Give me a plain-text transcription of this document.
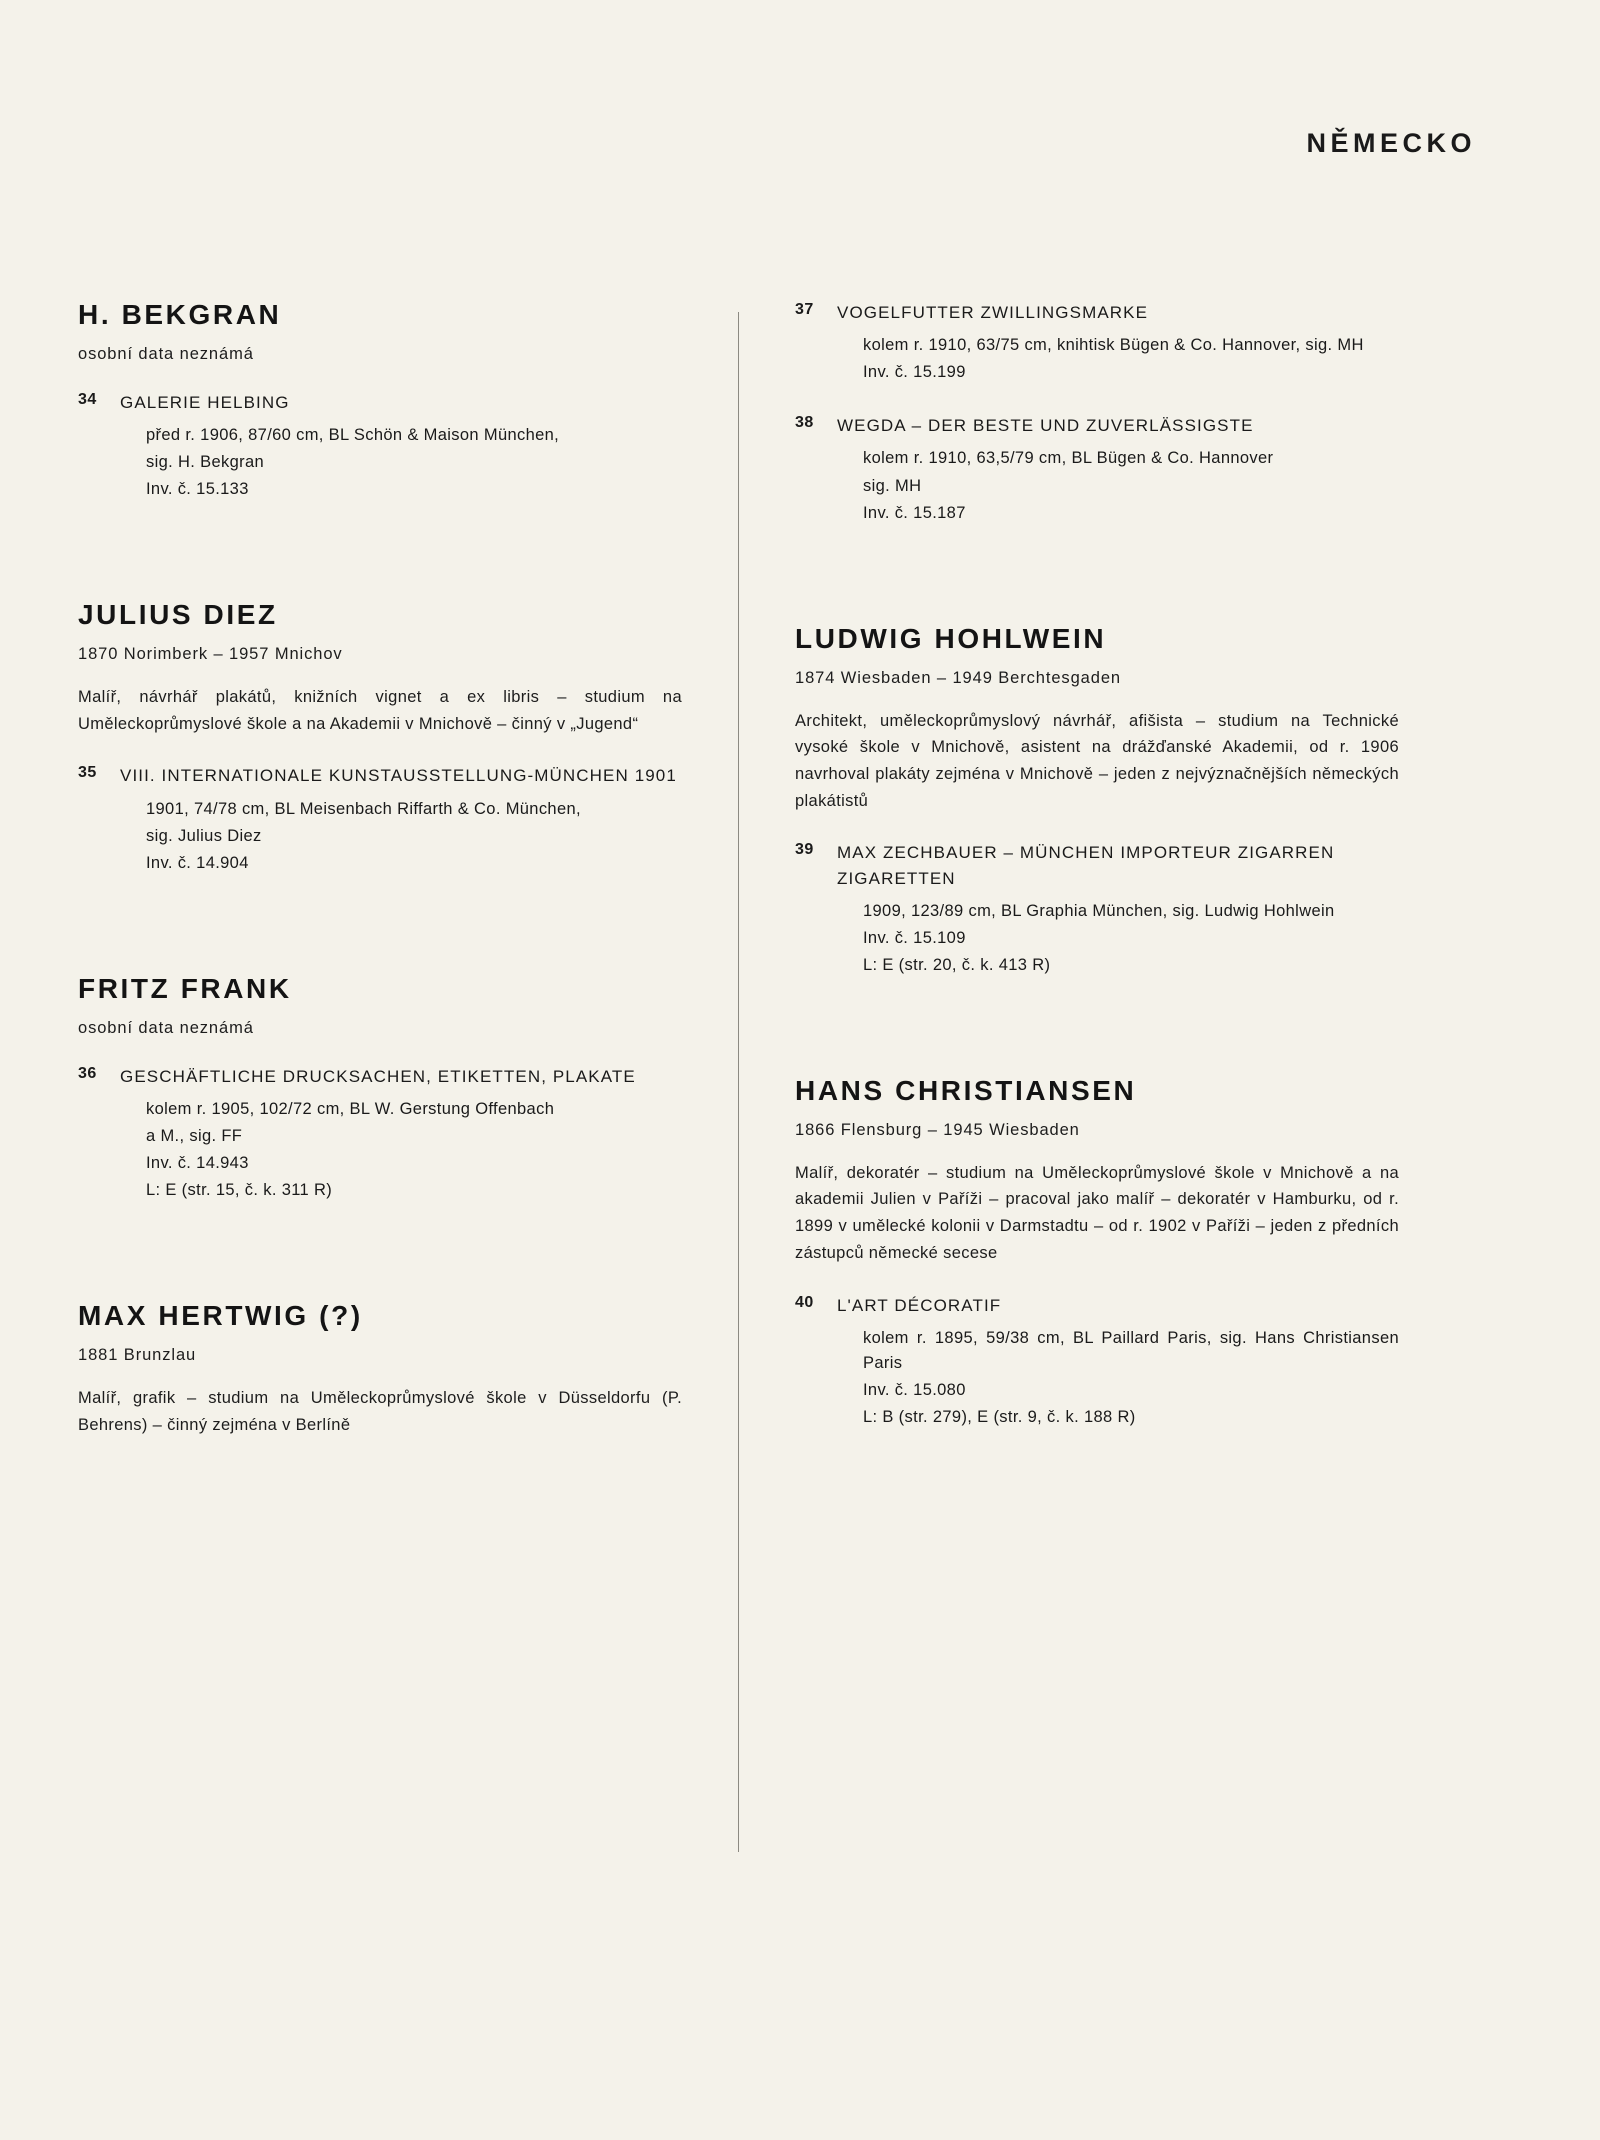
NĚMECKO
H. BEKGRAN
osobní data neznámá
34	GALERIE HELBING
před r. 1906, 87/60 cm, BL Schön & Maison München,
sig. H. Bekgran
Inv. č. 15.133
JULIUS DIEZ
1870 Norimberk – 1957 Mnichov
Malíř, návrhář plakátů, knižních vignet a ex libris – studium na Uměleckoprůmyslové škole a na Akademii v Mnichově – činný v „Jugend“
35	VIII. INTERNATIONALE KUNSTAUSSTELLUNG-MÜNCHEN 1901
1901, 74/78 cm, BL Meisenbach Riffarth & Co. München,
sig. Julius Diez
Inv. č. 14.904
FRITZ FRANK
osobní data neznámá
36	GESCHÄFTLICHE DRUCKSACHEN, ETIKETTEN, PLAKATE
kolem r. 1905, 102/72 cm, BL W. Gerstung Offenbach
a M., sig. FF
Inv. č. 14.943
L: E (str. 15, č. k. 311 R)
MAX HERTWIG (?)
1881 Brunzlau
Malíř, grafik – studium na Uměleckoprůmyslové škole v Düsseldorfu (P. Behrens) – činný zejména v Berlíně
37	VOGELFUTTER ZWILLINGSMARKE
kolem r. 1910, 63/75 cm, knihtisk Bügen & Co. Hannover, sig. MH
Inv. č. 15.199
38	WEGDA – DER BESTE UND ZUVERLÄSSIGSTE
kolem r. 1910, 63,5/79 cm, BL Bügen & Co. Hannover
sig. MH
Inv. č. 15.187
LUDWIG HOHLWEIN
1874 Wiesbaden – 1949 Berchtesgaden
Architekt, uměleckoprůmyslový návrhář, afišista – studium na Technické vysoké škole v Mnichově, asistent na drážďanské Akademii, od r. 1906 navrhoval plakáty zejména v Mnichově – jeden z nejvýznačnějších německých plakátistů
39	MAX ZECHBAUER – MÜNCHEN IMPORTEUR ZIGARREN ZIGARETTEN
1909, 123/89 cm, BL Graphia München, sig. Ludwig Hohlwein
Inv. č. 15.109
L: E (str. 20, č. k. 413 R)
HANS CHRISTIANSEN
1866 Flensburg – 1945 Wiesbaden
Malíř, dekoratér – studium na Uměleckoprůmyslové škole v Mnichově a na akademii Julien v Paříži – pracoval jako malíř – dekoratér v Hamburku, od r. 1899 v umělecké kolonii v Darmstadtu – od r. 1902 v Paříži – jeden z předních zástupců německé secese
40	L'ART DÉCORATIF
kolem r. 1895, 59/38 cm, BL Paillard Paris, sig. Hans Christiansen Paris
Inv. č. 15.080
L: B (str. 279), E (str. 9, č. k. 188 R)
